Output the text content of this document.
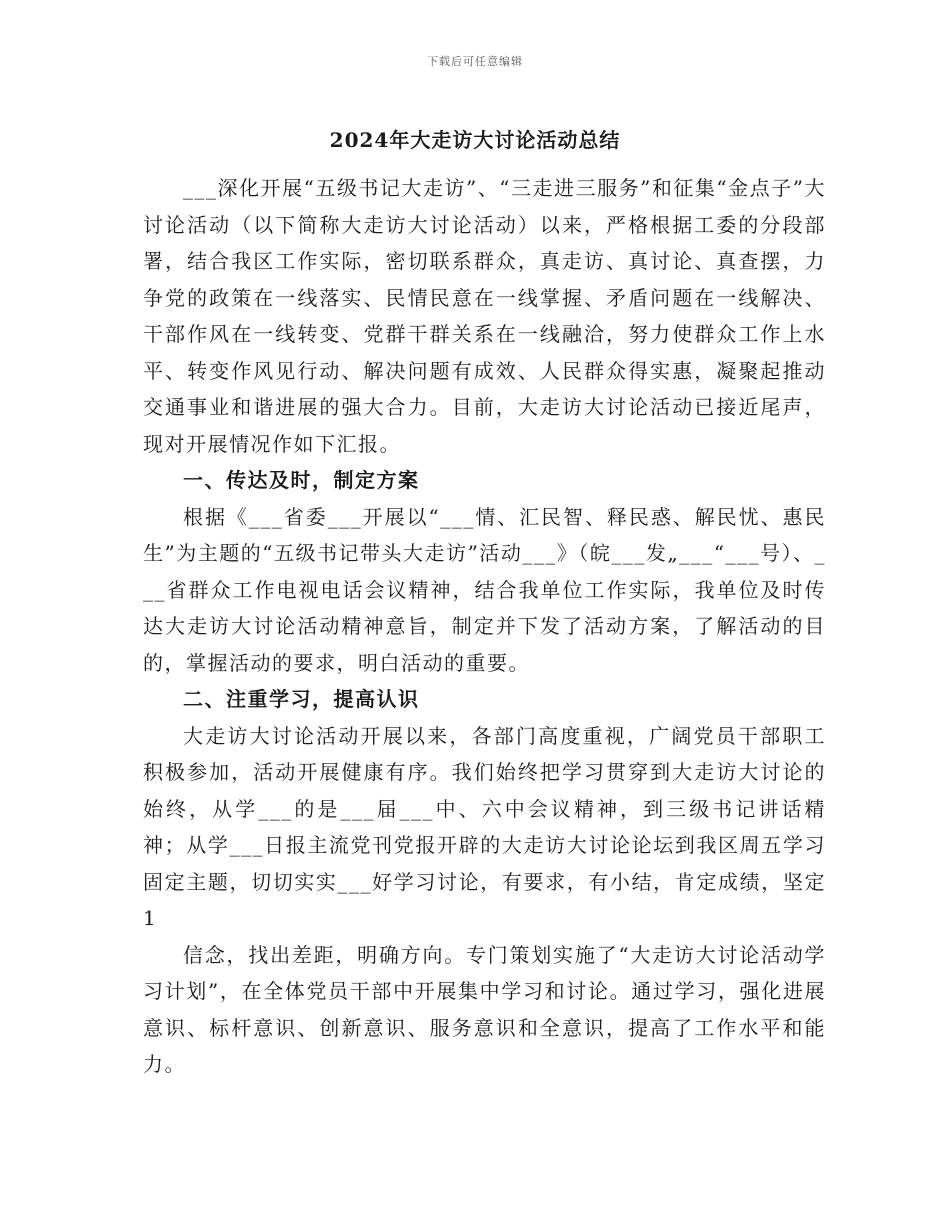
下载后可任意编辑
2024年大走访大讨论活动总结

___深化开展“五级书记大走访”、“三走进三服务”和征集“金点子”大讨论活动（以下简称大走访大讨论活动）以来，严格根据工委的分段部署，结合我区工作实际，密切联系群众，真走访、真讨论、真查摆，力争党的政策在一线落实、民情民意在一线掌握、矛盾问题在一线解决、干部作风在一线转变、党群干群关系在一线融洽，努力使群众工作上水平、转变作风见行动、解决问题有成效、人民群众得实惠，凝聚起推动交通事业和谐进展的强大合力。目前，大走访大讨论活动已接近尾声，现对开展情况作如下汇报。

一、传达及时，制定方案

根据《___省委___开展以“___情、汇民智、释民惑、解民忧、惠民生”为主题的“五级书记带头大走访”活动___》（皖___发„___“___号）、___省群众工作电视电话会议精神，结合我单位工作实际，我单位及时传达大走访大讨论活动精神意旨，制定并下发了活动方案，了解活动的目的，掌握活动的要求，明白活动的重要。

二、注重学习，提高认识

大走访大讨论活动开展以来，各部门高度重视，广阔党员干部职工积极参加，活动开展健康有序。我们始终把学习贯穿到大走访大讨论的始终，从学___的是___届___中、六中会议精神，到三级书记讲话精神；从学___日报主流党刊党报开辟的大走访大讨论论坛到我区周五学习固定主题，切切实实___好学习讨论，有要求，有小结，肯定成绩，坚定1

信念，找出差距，明确方向。专门策划实施了“大走访大讨论活动学习计划”，在全体党员干部中开展集中学习和讨论。通过学习，强化进展意识、标杆意识、创新意识、服务意识和全意识，提高了工作水平和能力。
